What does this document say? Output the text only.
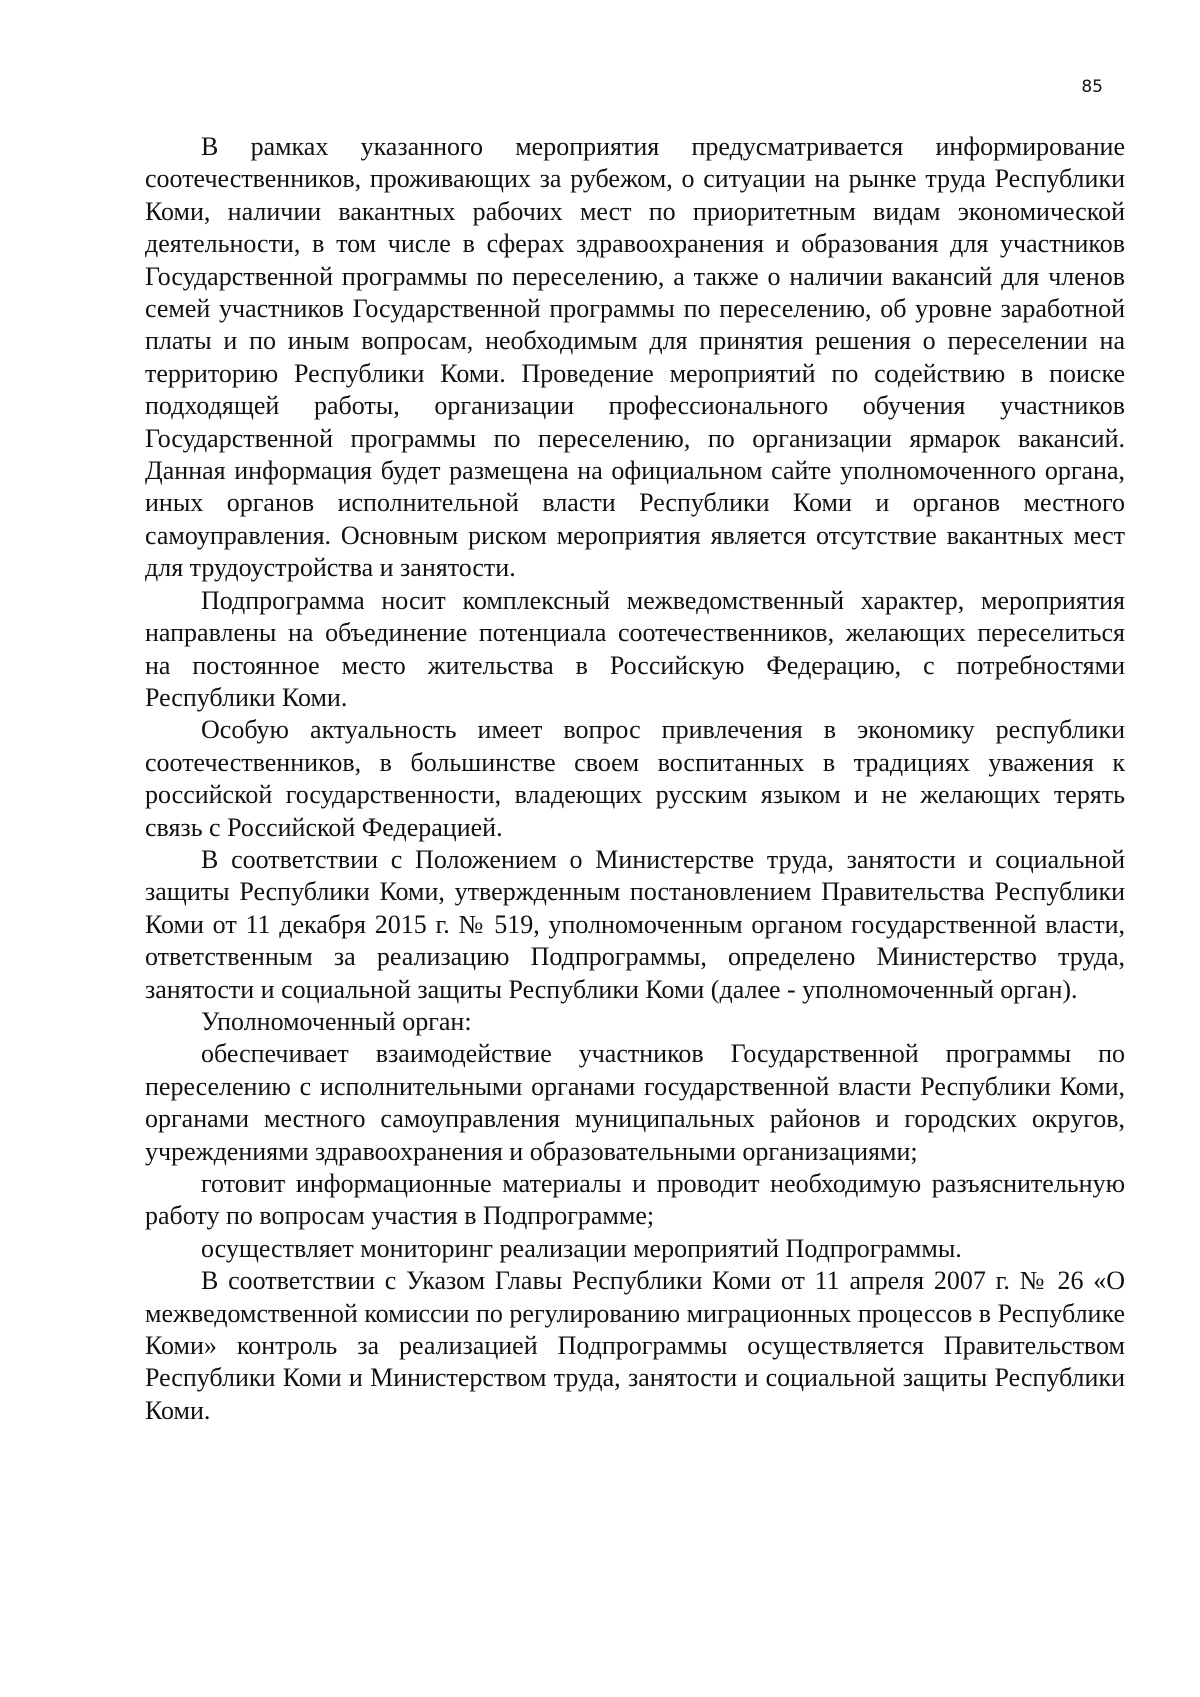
85

В рамках указанного мероприятия предусматривается информирование соотечественников, проживающих за рубежом, о ситуации на рынке труда Республики Коми, наличии вакантных рабочих мест по приоритетным видам экономической деятельности, в том числе в сферах здравоохранения и образования для участников Государственной программы по переселению, а также о наличии вакансий для членов семей участников Государственной программы по переселению, об уровне заработной платы и по иным вопросам, необходимым для принятия решения о переселении на территорию Республики Коми. Проведение мероприятий по содействию в поиске подходящей работы, организации профессионального обучения участников Государственной программы по переселению, по организации ярмарок вакансий. Данная информация будет размещена на официальном сайте уполномоченного органа, иных органов исполнительной власти Республики Коми и органов местного самоуправления. Основным риском мероприятия является отсутствие вакантных мест для трудоустройства и занятости.

Подпрограмма носит комплексный межведомственный характер, мероприятия направлены на объединение потенциала соотечественников, желающих переселиться на постоянное место жительства в Российскую Федерацию, с потребностями Республики Коми.

Особую актуальность имеет вопрос привлечения в экономику республики соотечественников, в большинстве своем воспитанных в традициях уважения к российской государственности, владеющих русским языком и не желающих терять связь с Российской Федерацией.

В соответствии с Положением о Министерстве труда, занятости и социальной защиты Республики Коми, утвержденным постановлением Правительства Республики Коми от 11 декабря 2015 г. № 519, уполномоченным органом государственной власти, ответственным за реализацию Подпрограммы, определено Министерство труда, занятости и социальной защиты Республики Коми (далее - уполномоченный орган).

Уполномоченный орган:

обеспечивает взаимодействие участников Государственной программы по переселению с исполнительными органами государственной власти Республики Коми, органами местного самоуправления муниципальных районов и городских округов, учреждениями здравоохранения и образовательными организациями;

готовит информационные материалы и проводит необходимую разъяснительную работу по вопросам участия в Подпрограмме;

осуществляет мониторинг реализации мероприятий Подпрограммы.

В соответствии с Указом Главы Республики Коми от 11 апреля 2007 г. № 26 «О межведомственной комиссии по регулированию миграционных процессов в Республике Коми» контроль за реализацией Подпрограммы осуществляется Правительством Республики Коми и Министерством труда, занятости и социальной защиты Республики Коми.
